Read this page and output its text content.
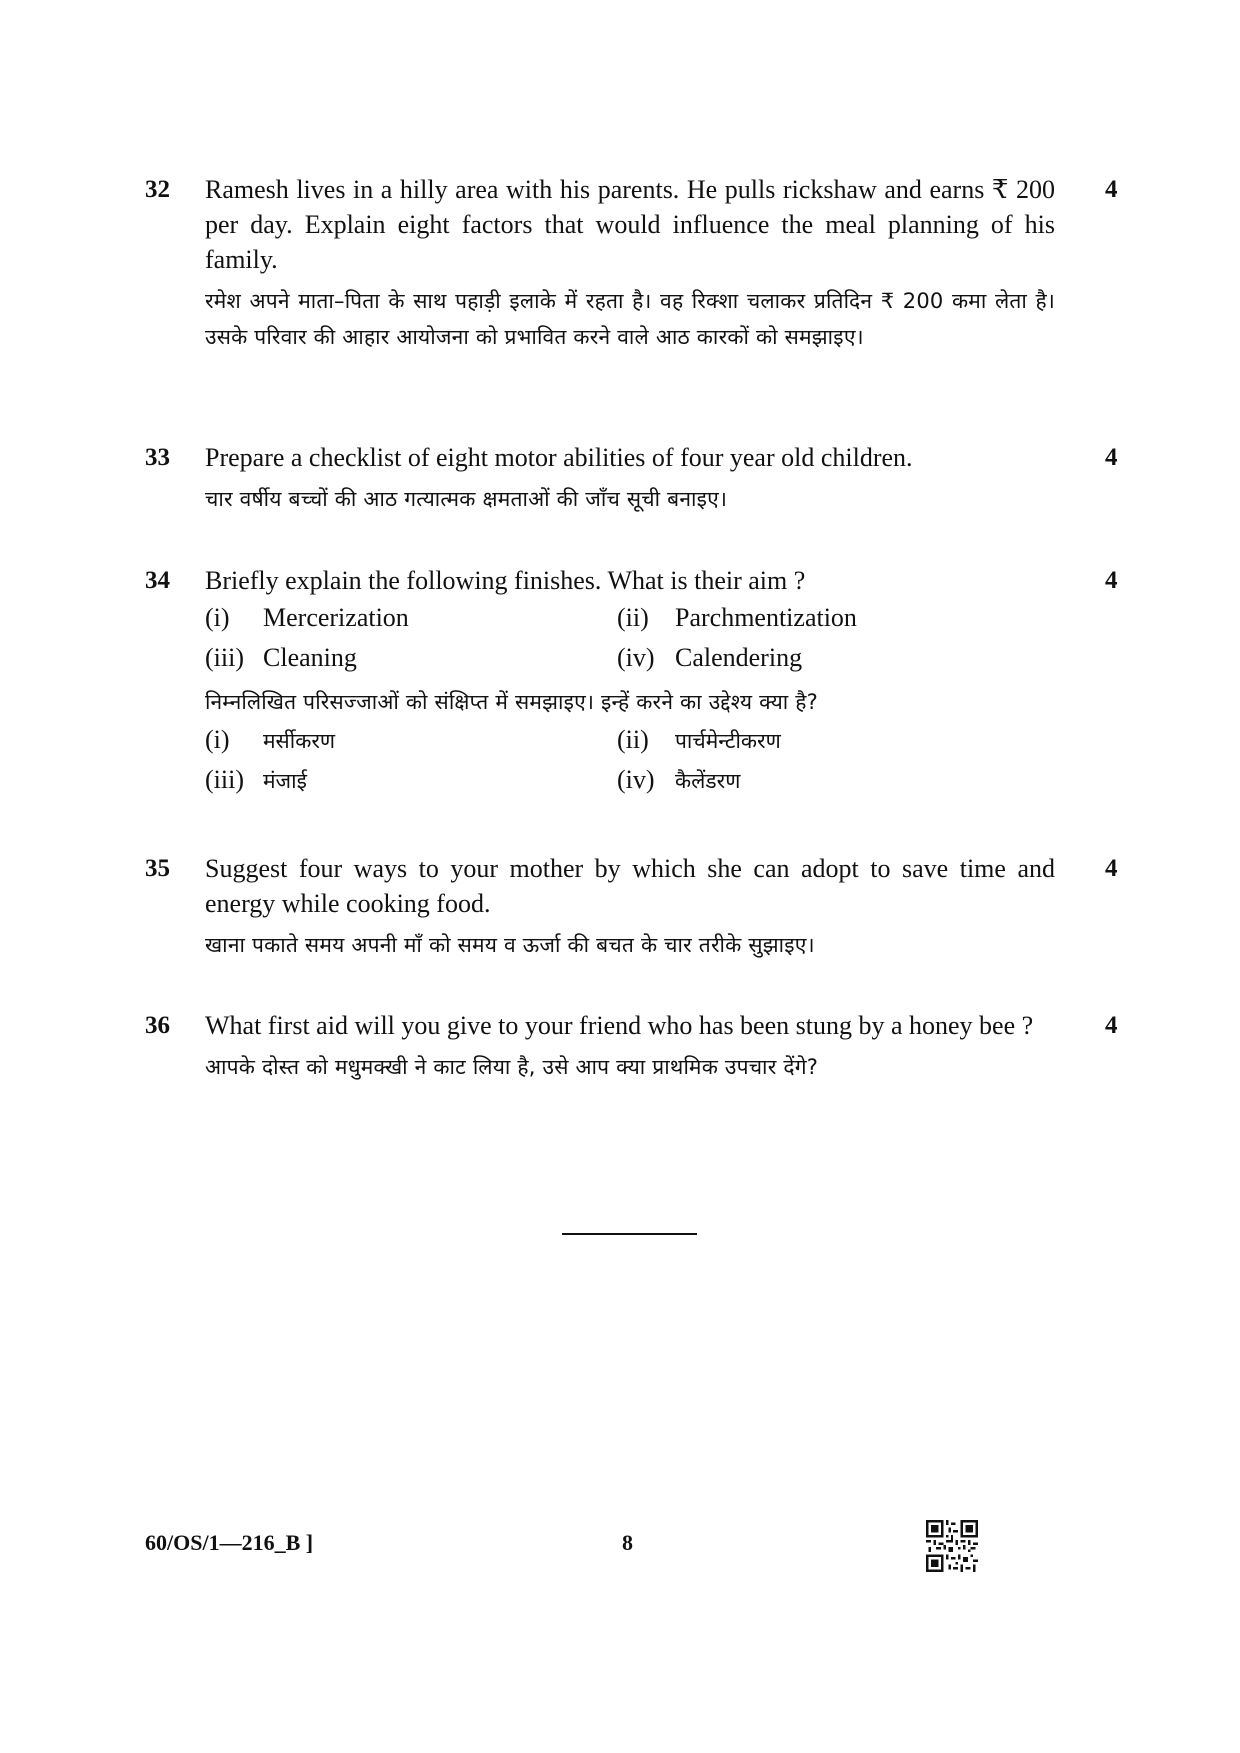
32 Ramesh lives in a hilly area with his parents. He pulls rickshaw and earns ₹ 200 per day. Explain eight factors that would influence the meal planning of his family.

रमेश अपने माता–पिता के साथ पहाड़ी इलाके में रहता है। वह रिक्शा चलाकर प्रतिदिन ₹ 200 कमा लेता है। उसके परिवार की आहार आयोजना को प्रभावित करने वाले आठ कारकों को समझाइए।

4
33 Prepare a checklist of eight motor abilities of four year old children.

चार वर्षीय बच्चों की आठ गत्यात्मक क्षमताओं की जाँच सूची बनाइए।

4
34 Briefly explain the following finishes. What is their aim ?

(i) Mercerization	(ii) Parchmentization
(iii) Cleaning	(iv) Calendering

निम्नलिखित परिसज्जाओं को संक्षिप्त में समझाइए। इन्हें करने का उद्देश्य क्या है?

(i) मर्सीकरण	(ii) पार्चमेन्टीकरण
(iii) मंजाई	(iv) कैलेंडरण
4
35 Suggest four ways to your mother by which she can adopt to save time and energy while cooking food.

खाना पकाते समय अपनी माँ को समय व ऊर्जा की बचत के चार तरीके सुझाइए।

4
36 What first aid will you give to your friend who has been stung by a honey bee ?

आपके दोस्त को मधुमक्खी ने काट लिया है, उसे आप क्या प्राथमिक उपचार देंगे?

4
60/OS/1—216_B ]	8
